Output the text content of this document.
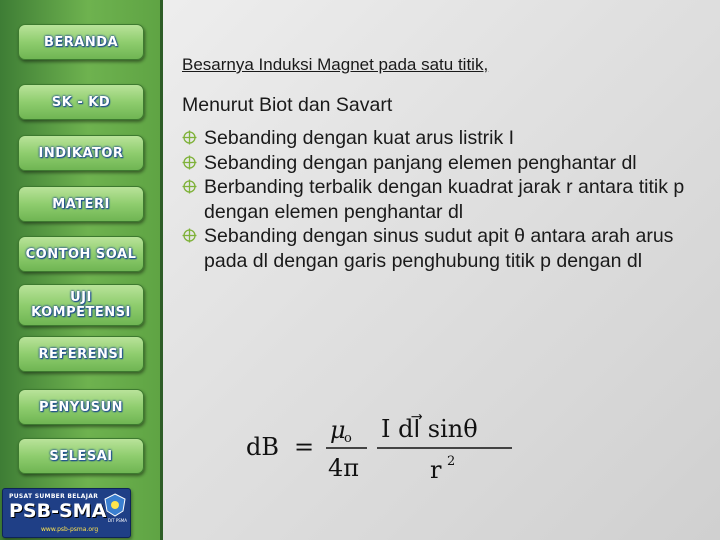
BERANDA
SK - KD
INDIKATOR
MATERI
CONTOH SOAL
UJI
KOMPETENSI
REFERENSI
PENYUSUN
SELESAI
PUSAT SUMBER BELAJAR
PSB-SMA
www.psb-psma.org
DIT PSMA

Besarnya Induksi Magnet pada satu titik,

Menurut Biot dan Savart
Sebanding dengan kuat arus listrik I
Sebanding dengan panjang elemen penghantar dl
Berbanding terbalik dengan kuadrat jarak r antara titik p dengan elemen penghantar dl
Sebanding dengan sinus sudut apit θ antara arah arus pada dl dengan garis penghubung titik p dengan dl
dB =
μ
o
4π
I dl⃗ sinθ
r 2
